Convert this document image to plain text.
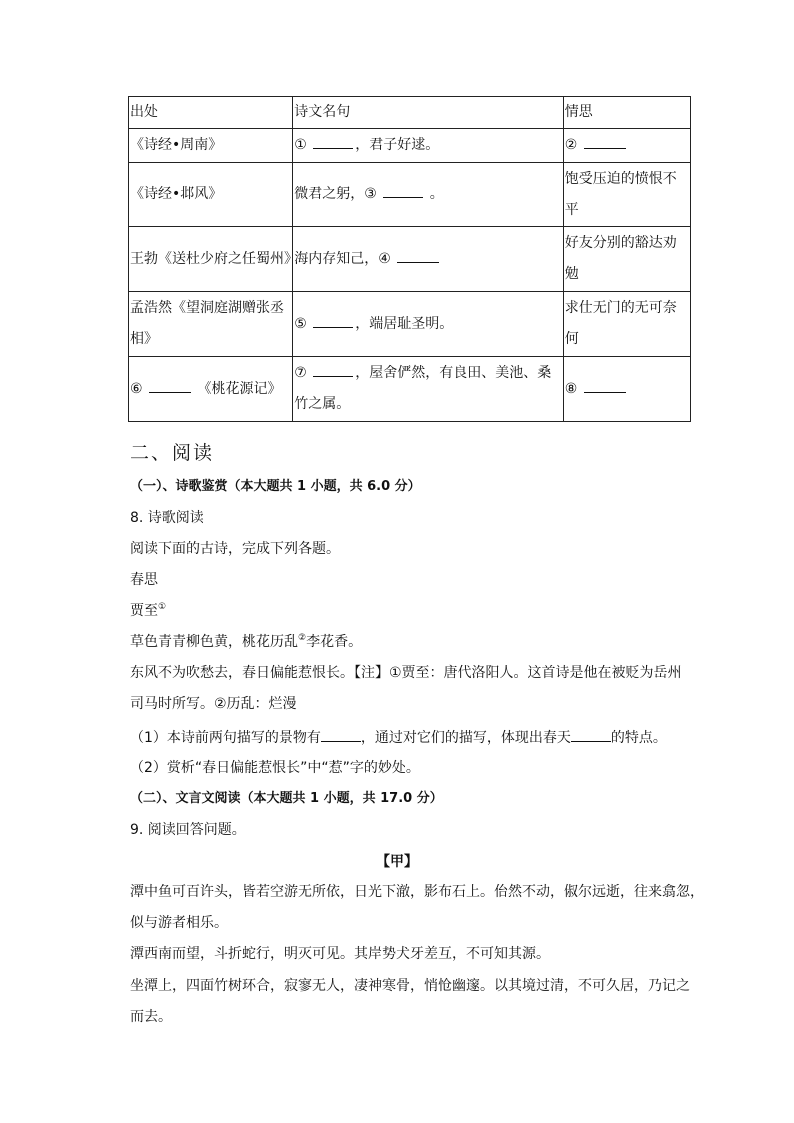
出处	诗文名句	情思
《诗经•周南》	① ，君子好逑。	②
《诗经•邶风》	微君之躬，③ 。	饱受压迫的愤恨不平
王勃《送杜少府之任蜀州》	海内存知己，④	好友分别的豁达劝勉
孟浩然《望洞庭湖赠张丞相》	⑤ ，端居耻圣明。	求仕无门的无可奈何
⑥ 《桃花源记》	⑦ ，屋舍俨然，有良田、美池、桑竹之属。	⑧
二、阅读
（一）、诗歌鉴赏（本大题共 1 小题，共 6.0 分）
8. 诗歌阅读
阅读下面的古诗，完成下列各题。
春思
贾至①
草色青青柳色黄，桃花历乱②李花香。
东风不为吹愁去，春日偏能惹恨长。【注】①贾至：唐代洛阳人。这首诗是他在被贬为岳州
司马时所写。②历乱：烂漫
（1）本诗前两句描写的景物有	，通过对它们的描写，体现出春天	的特点。
（2）赏析“春日偏能惹恨长”中“惹”字的妙处。
（二）、文言文阅读（本大题共 1 小题，共 17.0 分）
9. 阅读回答问题。
【甲】
潭中鱼可百许头，皆若空游无所依，日光下澈，影布石上。佁然不动，俶尔远逝，往来翕忽，
似与游者相乐。
潭西南而望，斗折蛇行，明灭可见。其岸势犬牙差互，不可知其源。
坐潭上，四面竹树环合，寂寥无人，凄神寒骨，悄怆幽邃。以其境过清，不可久居，乃记之
而去。
